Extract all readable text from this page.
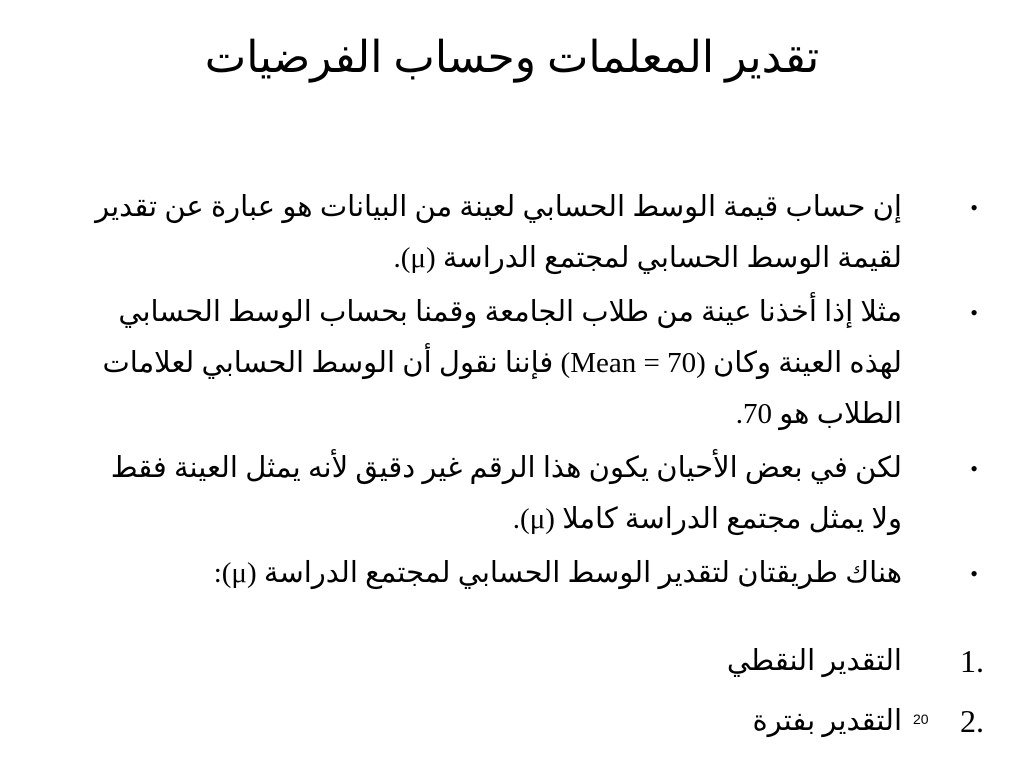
تقدير المعلمات وحساب الفرضيات
•
إن حساب قيمة الوسط الحسابي لعينة من البيانات هو عبارة عن تقدير لقيمة الوسط الحسابي لمجتمع الدراسة (μ).
•
مثلا إذا أخذنا عينة من طلاب الجامعة وقمنا بحساب الوسط الحسابي لهذه العينة وكان (Mean = 70) فإننا نقول أن الوسط الحسابي لعلامات الطلاب هو 70.
•
لكن في بعض الأحيان يكون هذا الرقم غير دقيق لأنه يمثل العينة فقط ولا يمثل مجتمع الدراسة كاملا (μ).
•
هناك طريقتان لتقدير الوسط الحسابي لمجتمع الدراسة (μ):
1.
التقدير النقطي
2.
التقدير بفترة 20
